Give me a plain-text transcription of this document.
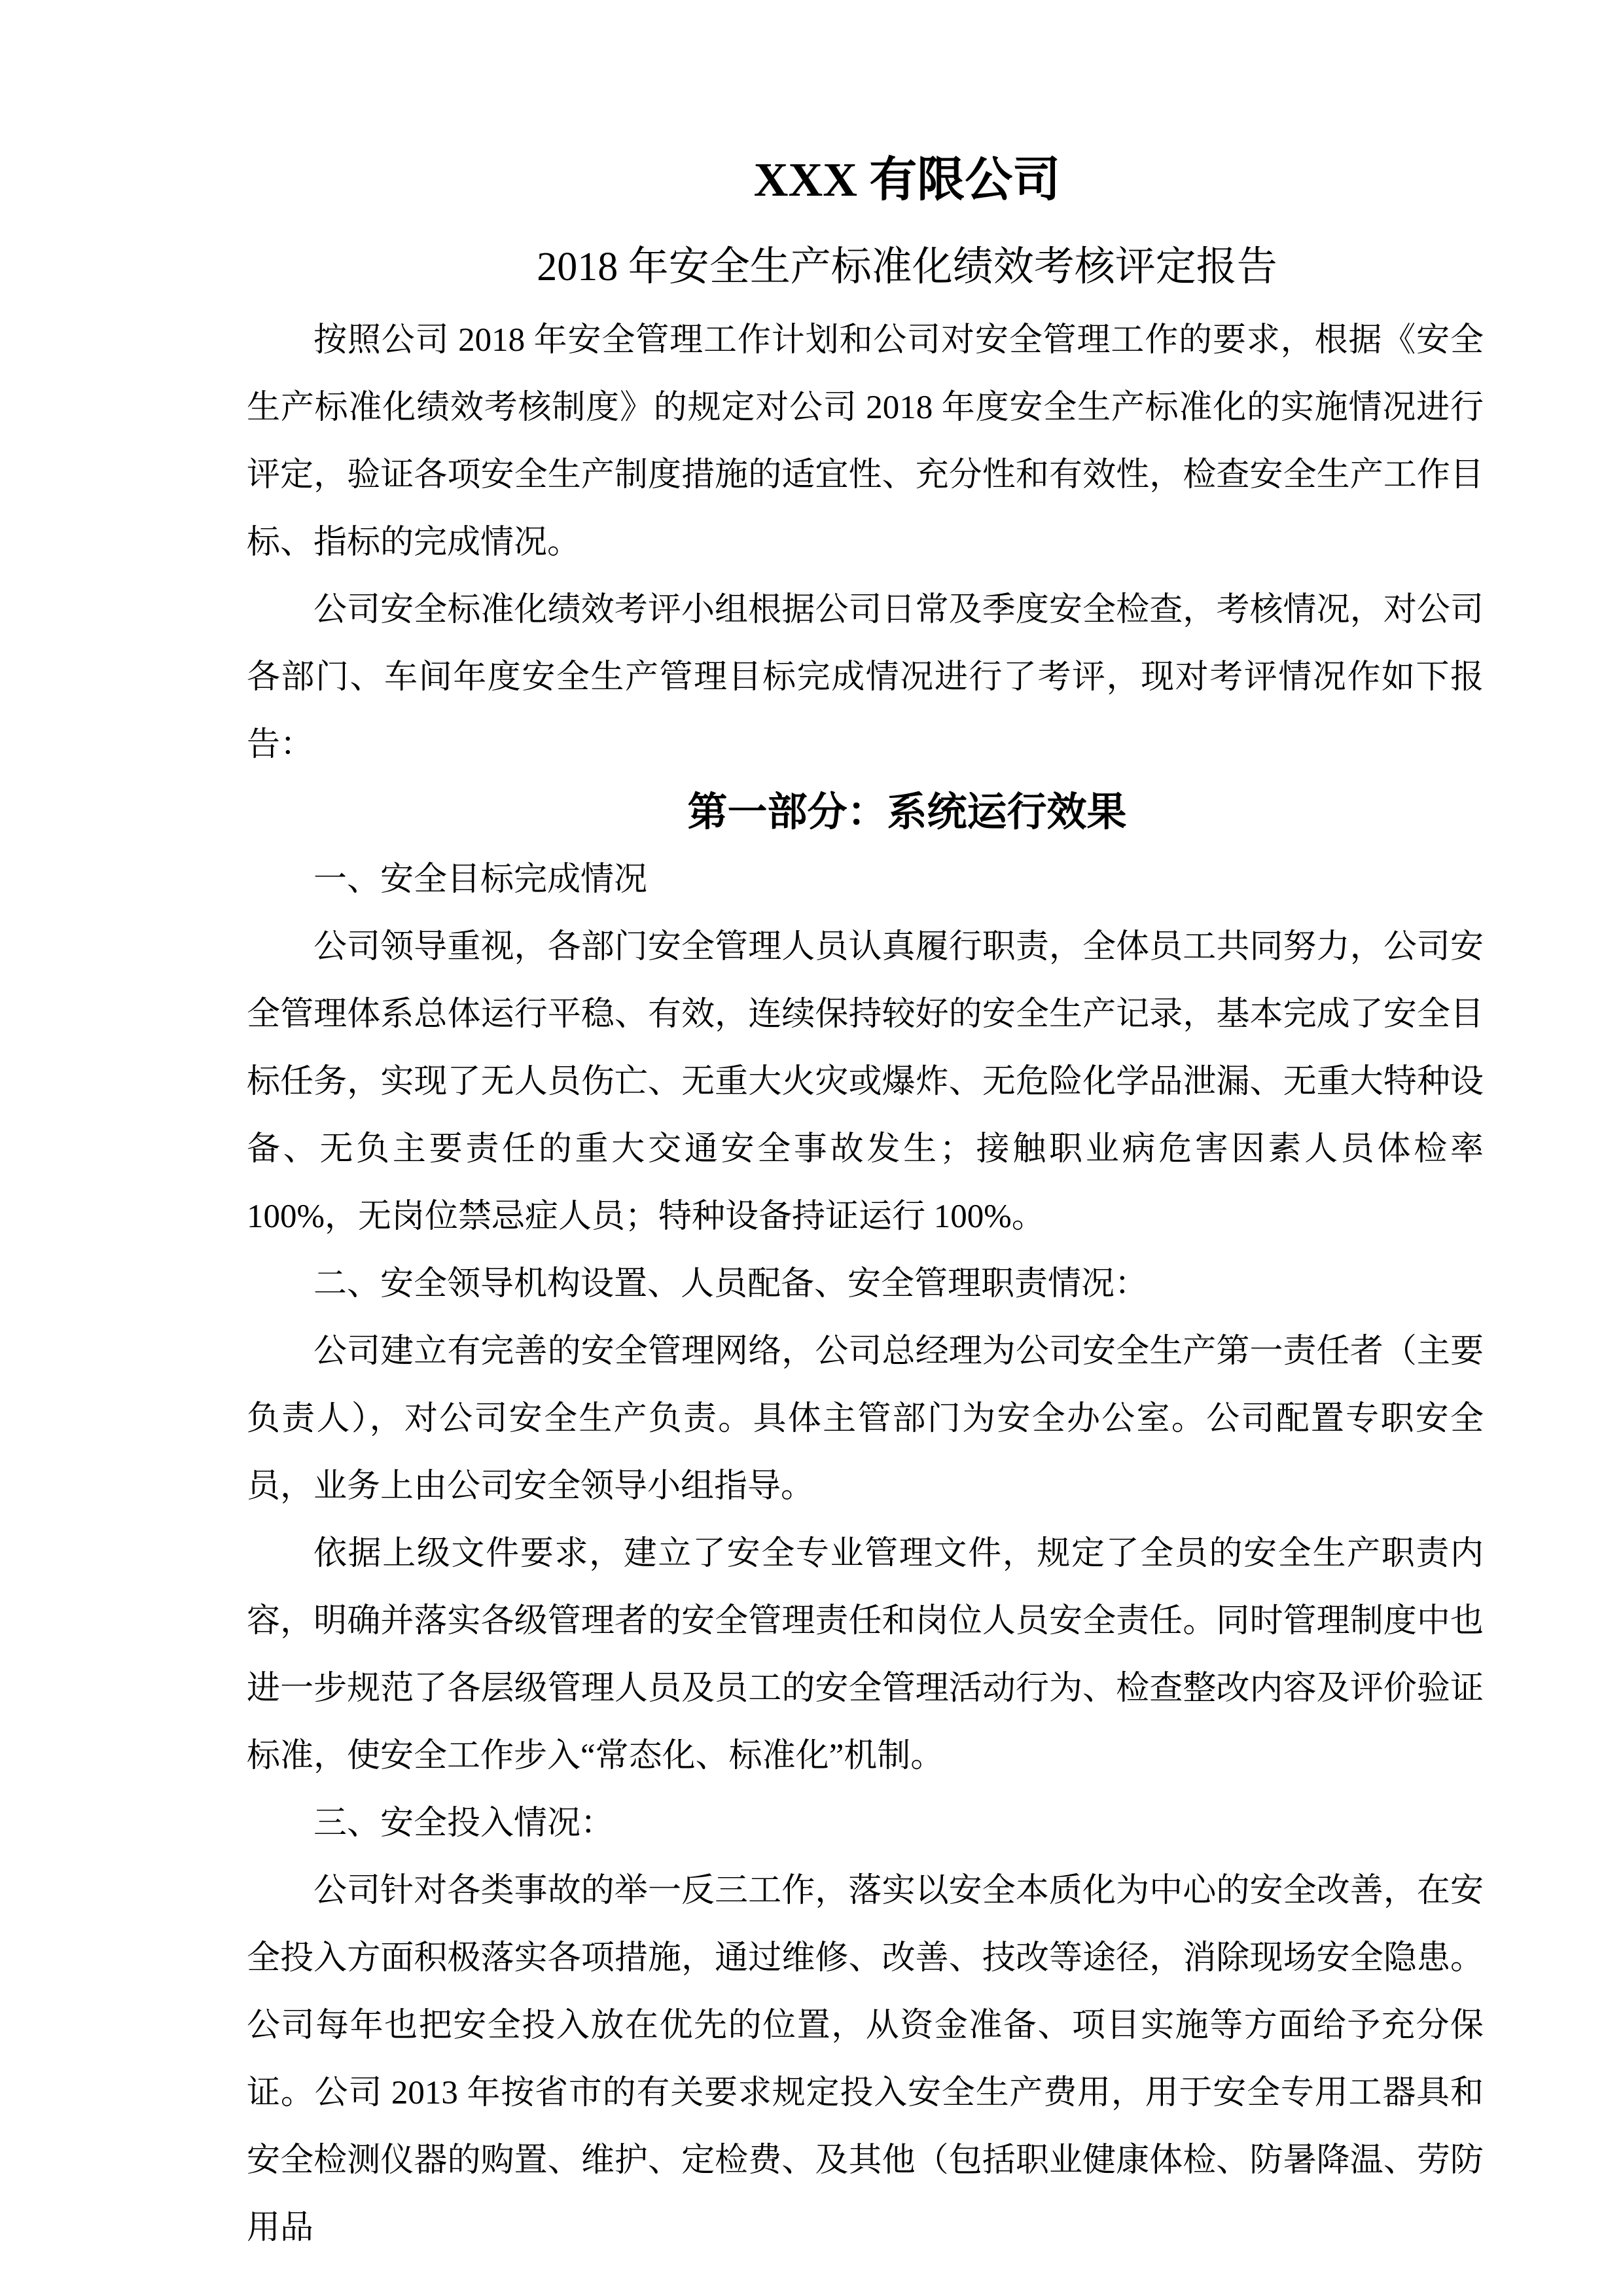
XXX 有限公司
2018 年安全生产标准化绩效考核评定报告

按照公司 2018 年安全管理工作计划和公司对安全管理工作的要求，根据《安全生产标准化绩效考核制度》的规定对公司 2018 年度安全生产标准化的实施情况进行评定，验证各项安全生产制度措施的适宜性、充分性和有效性，检查安全生产工作目标、指标的完成情况。

公司安全标准化绩效考评小组根据公司日常及季度安全检查，考核情况，对公司各部门、车间年度安全生产管理目标完成情况进行了考评，现对考评情况作如下报告：

第一部分：系统运行效果

一、安全目标完成情况

公司领导重视，各部门安全管理人员认真履行职责，全体员工共同努力，公司安全管理体系总体运行平稳、有效，连续保持较好的安全生产记录，基本完成了安全目标任务，实现了无人员伤亡、无重大火灾或爆炸、无危险化学品泄漏、无重大特种设备、无负主要责任的重大交通安全事故发生；接触职业病危害因素人员体检率 100%，无岗位禁忌症人员；特种设备持证运行 100%。

二、安全领导机构设置、人员配备、安全管理职责情况：

公司建立有完善的安全管理网络，公司总经理为公司安全生产第一责任者（主要负责人），对公司安全生产负责。具体主管部门为安全办公室。公司配置专职安全员，业务上由公司安全领导小组指导。

依据上级文件要求，建立了安全专业管理文件，规定了全员的安全生产职责内容，明确并落实各级管理者的安全管理责任和岗位人员安全责任。同时管理制度中也进一步规范了各层级管理人员及员工的安全管理活动行为、检查整改内容及评价验证标准，使安全工作步入“常态化、标准化”机制。

三、安全投入情况：

公司针对各类事故的举一反三工作，落实以安全本质化为中心的安全改善，在安全投入方面积极落实各项措施，通过维修、改善、技改等途径，消除现场安全隐患。公司每年也把安全投入放在优先的位置，从资金准备、项目实施等方面给予充分保证。公司 2013 年按省市的有关要求规定投入安全生产费用，用于安全专用工器具和安全检测仪器的购置、维护、定检费、及其他（包括职业健康体检、防暑降温、劳防用品
